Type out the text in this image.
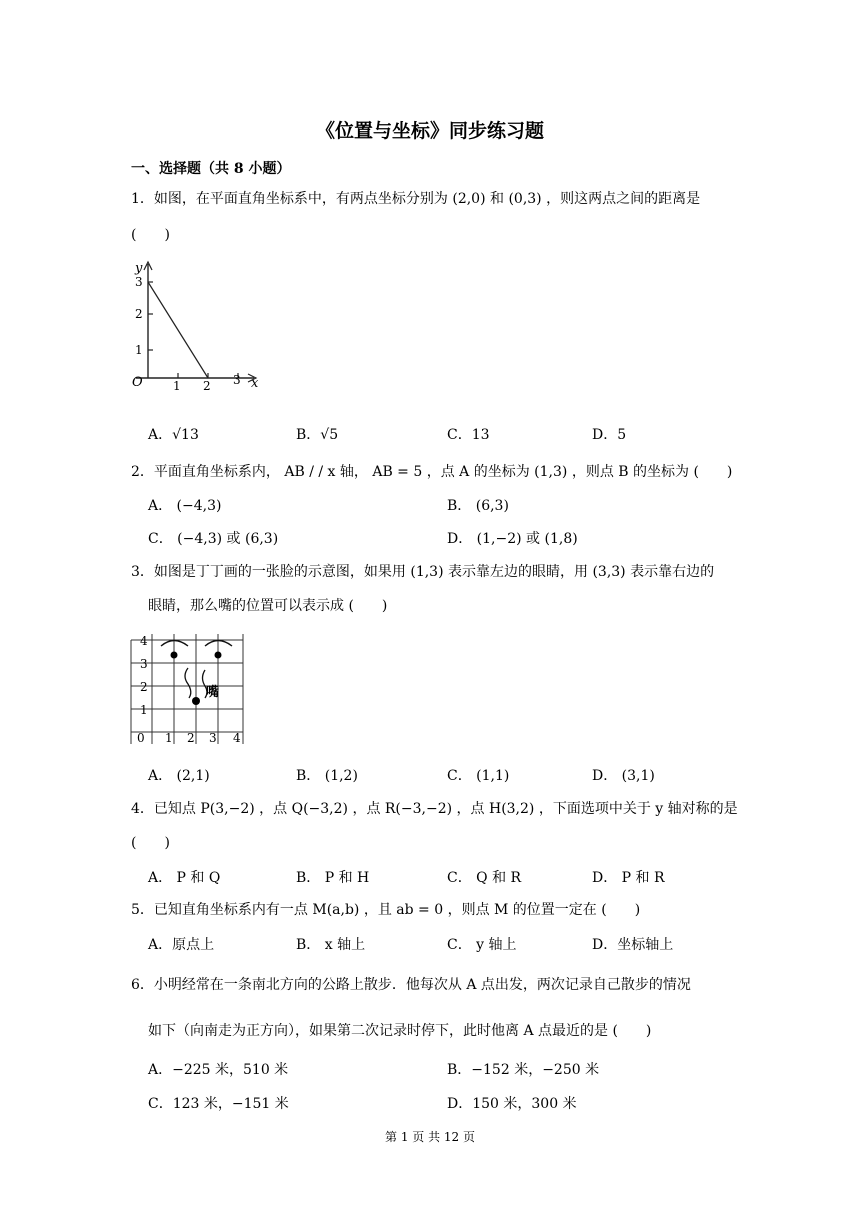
《位置与坐标》同步练习题
一、选择题（共 8 小题）
1．如图，在平面直角坐标系中，有两点坐标分别为 (2,0) 和 (0,3) ，则这两点之间的距离是
(　　)
y
x
O	1 2 3
1
2
3
A．√13	B．√5	C．13	D．5
2．平面直角坐标系内， AB / / x 轴， AB = 5 ，点 A 的坐标为 (1,3) ，则点 B 的坐标为 (　　)
A． (−4,3)	B． (6,3)
C． (−4,3) 或 (6,3)	D． (1,−2) 或 (1,8)
3．如图是丁丁画的一张脸的示意图，如果用 (1,3) 表示靠左边的眼睛，用 (3,3) 表示靠右边的
眼睛，那么嘴的位置可以表示成 (　　)
嘴
4
3
2
1
0 1 2 3 4
A． (2,1)	B． (1,2)	C． (1,1)	D． (3,1)
4．已知点 P(3,−2) ，点 Q(−3,2) ，点 R(−3,−2) ，点 H(3,2) ，下面选项中关于 y 轴对称的是
(　　)
A． P 和 Q	B． P 和 H	C． Q 和 R	D． P 和 R
5．已知直角坐标系内有一点 M(a,b) ，且 ab = 0 ，则点 M 的位置一定在 (　　)
A．原点上	B． x 轴上	C． y 轴上	D．坐标轴上
6．小明经常在一条南北方向的公路上散步．他每次从 A 点出发，两次记录自己散步的情况
如下（向南走为正方向），如果第二次记录时停下，此时他离 A 点最近的是 (　　)
A．−225 米，510 米	B．−152 米，−250 米
C．123 米，−151 米	D．150 米，300 米
第 1 页 共 12 页
